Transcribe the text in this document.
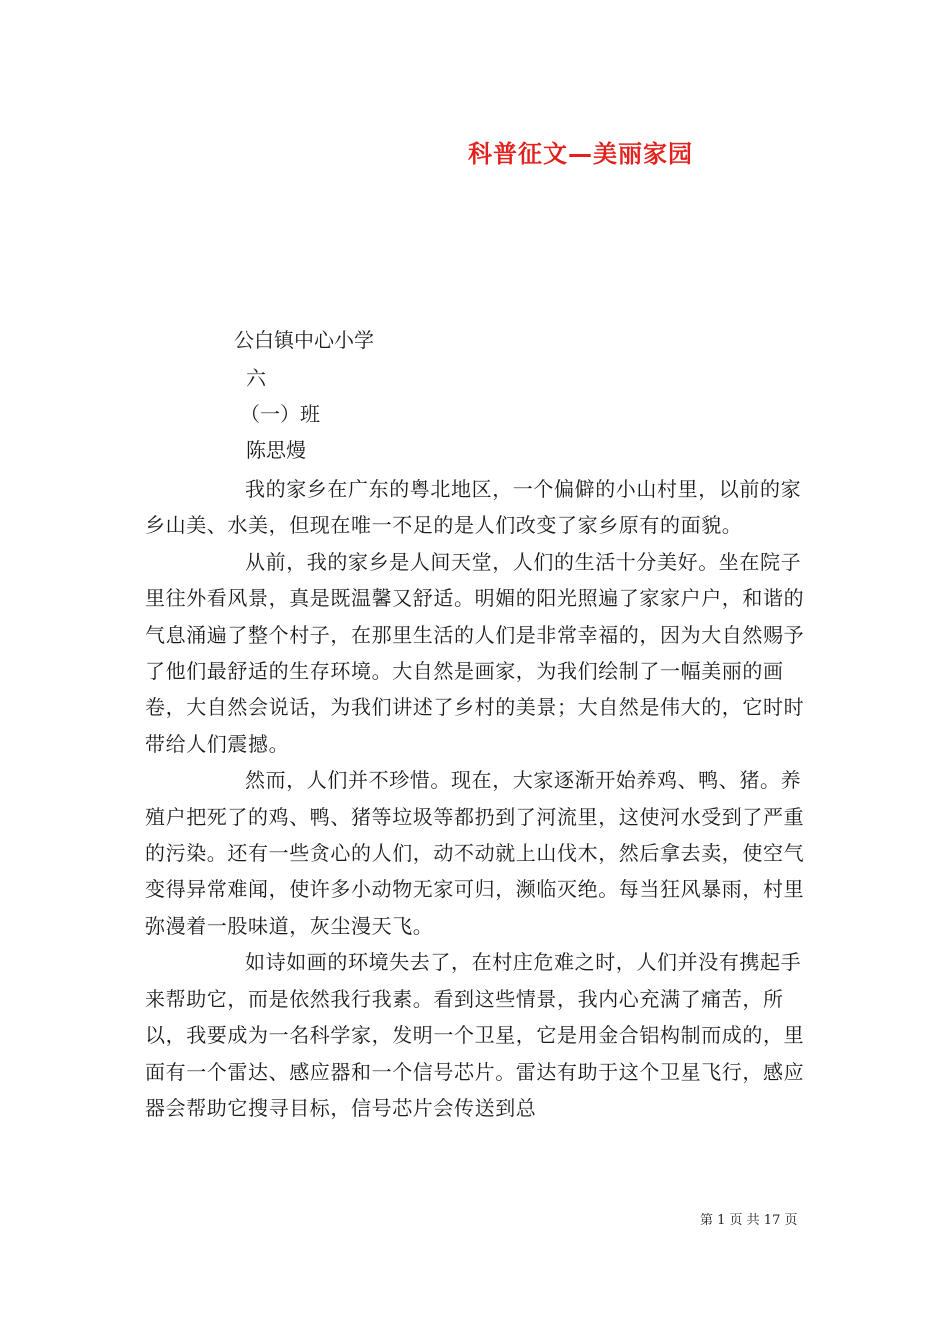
科普征文—美丽家园
公白镇中心小学
六
（一）班
陈思熳

我的家乡在广东的粤北地区，一个偏僻的小山村里，以前的家乡山美、水美，但现在唯一不足的是人们改变了家乡原有的面貌。

从前，我的家乡是人间天堂，人们的生活十分美好。坐在院子里往外看风景，真是既温馨又舒适。明媚的阳光照遍了家家户户，和谐的气息涌遍了整个村子，在那里生活的人们是非常幸福的，因为大自然赐予了他们最舒适的生存环境。大自然是画家，为我们绘制了一幅美丽的画卷，大自然会说话，为我们讲述了乡村的美景；大自然是伟大的，它时时带给人们震撼。

然而，人们并不珍惜。现在，大家逐渐开始养鸡、鸭、猪。养殖户把死了的鸡、鸭、猪等垃圾等都扔到了河流里，这使河水受到了严重的污染。还有一些贪心的人们，动不动就上山伐木，然后拿去卖，使空气变得异常难闻，使许多小动物无家可归，濒临灭绝。每当狂风暴雨，村里弥漫着一股味道，灰尘漫天飞。

如诗如画的环境失去了，在村庄危难之时，人们并没有携起手来帮助它，而是依然我行我素。看到这些情景，我内心充满了痛苦，所以，我要成为一名科学家，发明一个卫星，它是用金合铝构制而成的，里面有一个雷达、感应器和一个信号芯片。雷达有助于这个卫星飞行，感应器会帮助它搜寻目标，信号芯片会传送到总

第 1 页 共 17 页
